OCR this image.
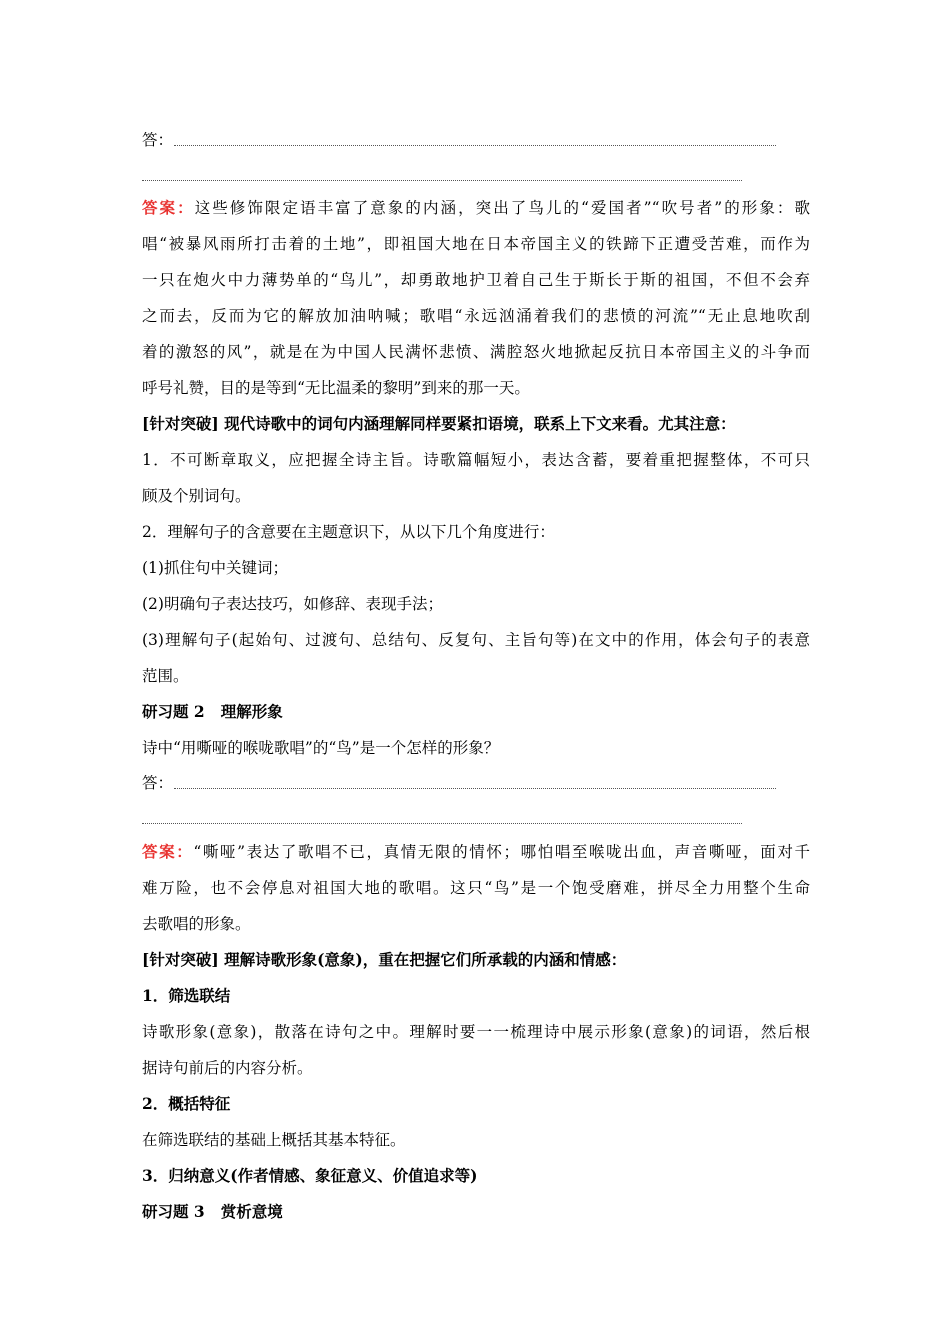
答：
答案：这些修饰限定语丰富了意象的内涵，突出了鸟儿的“爱国者”“吹号者”的形象：歌
唱“被暴风雨所打击着的土地”，即祖国大地在日本帝国主义的铁蹄下正遭受苦难，而作为
一只在炮火中力薄势单的“鸟儿”，却勇敢地护卫着自己生于斯长于斯的祖国，不但不会弃
之而去，反而为它的解放加油呐喊；歌唱“永远汹涌着我们的悲愤的河流”“无止息地吹刮
着的激怒的风”，就是在为中国人民满怀悲愤、满腔怒火地掀起反抗日本帝国主义的斗争而
呼号礼赞，目的是等到“无比温柔的黎明”到来的那一天。
[针对突破] 现代诗歌中的词句内涵理解同样要紧扣语境，联系上下文来看。尤其注意：
1．不可断章取义，应把握全诗主旨。诗歌篇幅短小，表达含蓄，要着重把握整体，不可只
顾及个别词句。
2．理解句子的含意要在主题意识下，从以下几个角度进行：
(1)抓住句中关键词；
(2)明确句子表达技巧，如修辞、表现手法；
(3)理解句子(起始句、过渡句、总结句、反复句、主旨句等)在文中的作用，体会句子的表意
范围。
研习题 2 理解形象
诗中“用嘶哑的喉咙歌唱”的“鸟”是一个怎样的形象？
答：
答案：“嘶哑”表达了歌唱不已，真情无限的情怀；哪怕唱至喉咙出血，声音嘶哑，面对千
难万险，也不会停息对祖国大地的歌唱。这只“鸟”是一个饱受磨难，拼尽全力用整个生命
去歌唱的形象。
[针对突破] 理解诗歌形象(意象)，重在把握它们所承载的内涵和情感：
1．筛选联结
诗歌形象(意象)，散落在诗句之中。理解时要一一梳理诗中展示形象(意象)的词语，然后根
据诗句前后的内容分析。
2．概括特征
在筛选联结的基础上概括其基本特征。
3．归纳意义(作者情感、象征意义、价值追求等)
研习题 3 赏析意境
